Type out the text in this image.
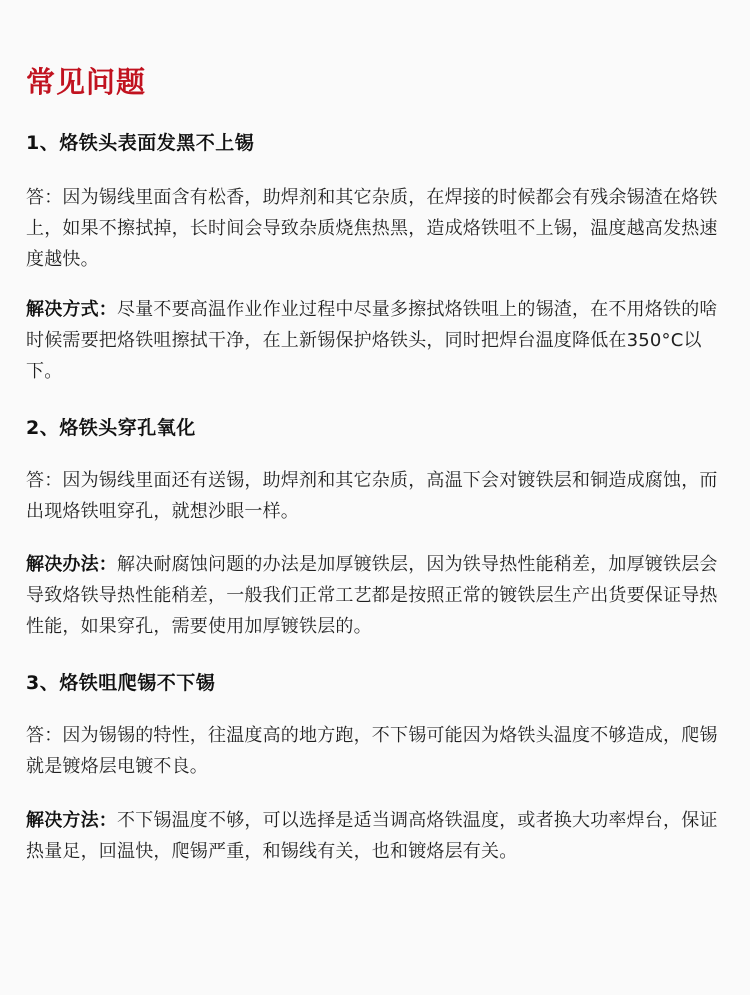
常见问题
1、烙铁头表面发黑不上锡

答：因为锡线里面含有松香，助焊剂和其它杂质，在焊接的时候都会有残余锡渣在烙铁上，如果不擦拭掉，长时间会导致杂质烧焦热黑，造成烙铁咀不上锡，温度越高发热速度越快。

解决方式：尽量不要高温作业作业过程中尽量多擦拭烙铁咀上的锡渣，在不用烙铁的啥时候需要把烙铁咀擦拭干净，在上新锡保护烙铁头，同时把焊台温度降低在350°C以下。

2、烙铁头穿孔氧化

答：因为锡线里面还有送锡，助焊剂和其它杂质，高温下会对镀铁层和铜造成腐蚀，而出现烙铁咀穿孔，就想沙眼一样。

解决办法：解决耐腐蚀问题的办法是加厚镀铁层，因为铁导热性能稍差，加厚镀铁层会导致烙铁导热性能稍差，一般我们正常工艺都是按照正常的镀铁层生产出货要保证导热性能，如果穿孔，需要使用加厚镀铁层的。

3、烙铁咀爬锡不下锡

答：因为锡锡的特性，往温度高的地方跑，不下锡可能因为烙铁头温度不够造成，爬锡就是镀烙层电镀不良。

解决方法：不下锡温度不够，可以选择是适当调高烙铁温度，或者换大功率焊台，保证热量足，回温快，爬锡严重，和锡线有关，也和镀烙层有关。
